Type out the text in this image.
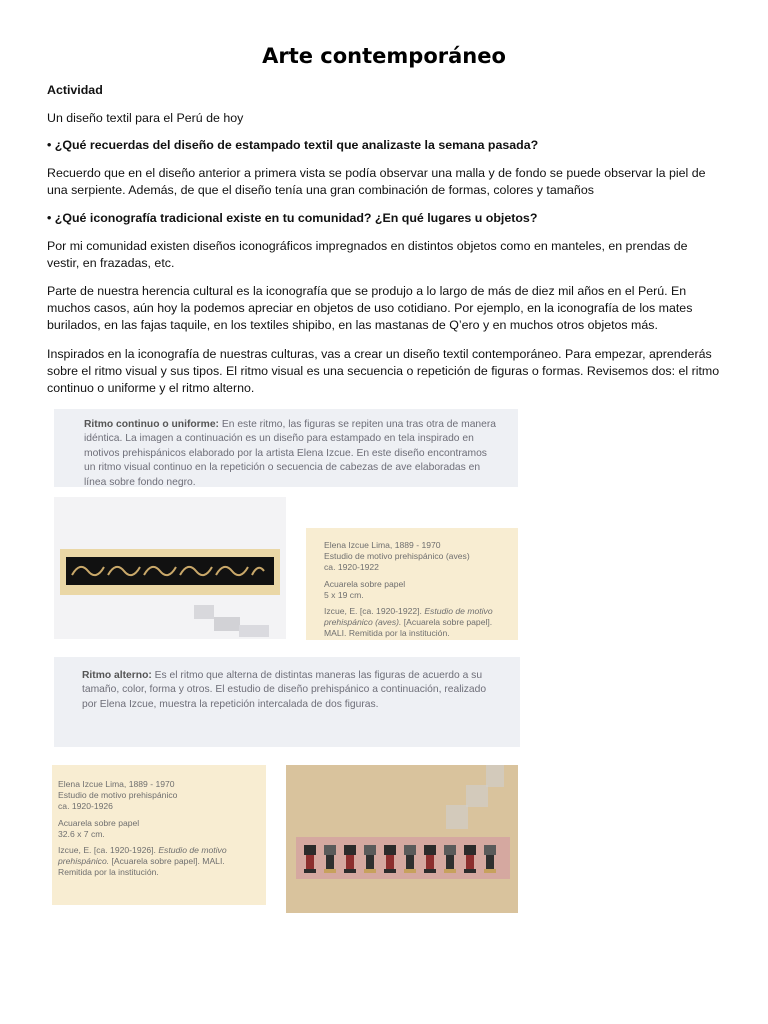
Arte contemporáneo
Actividad
Un diseño textil para el Perú de hoy
• ¿Qué recuerdas del diseño de estampado textil que analizaste la semana pasada?
Recuerdo que en el diseño anterior a primera vista se podía observar una malla y de fondo se puede observar la piel de una serpiente. Además, de que el diseño tenía una gran combinación de formas, colores y tamaños
• ¿Qué iconografía tradicional existe en tu comunidad? ¿En qué lugares u objetos?
Por mi comunidad existen diseños iconográficos impregnados en distintos objetos como en manteles, en prendas de vestir, en frazadas, etc.
Parte de nuestra herencia cultural es la iconografía que se produjo a lo largo de más de diez mil años en el Perú. En muchos casos, aún hoy la podemos apreciar en objetos de uso cotidiano. Por ejemplo, en la iconografía de los mates burilados, en las fajas taquile, en los textiles shipibo, en las mastanas de Q’ero y en muchos otros objetos más.
Inspirados en la iconografía de nuestras culturas, vas a crear un diseño textil contemporáneo. Para empezar, aprenderás sobre el ritmo visual y sus tipos. El ritmo visual es una secuencia o repetición de figuras o formas. Revisemos dos: el ritmo continuo o uniforme y el ritmo alterno.
Ritmo continuo o uniforme: En este ritmo, las figuras se repiten una tras otra de manera idéntica. La imagen a continuación es un diseño para estampado en tela inspirado en motivos prehispánicos elaborado por la artista Elena Izcue. En este diseño encontramos un ritmo visual continuo en la repetición o secuencia de cabezas de ave elaboradas en línea sobre fondo negro.

Elena Izcue Lima, 1889 - 1970

Estudio de motivo prehispánico (aves)

ca. 1920-1922

Acuarela sobre papel

5 x 19 cm.

Izcue, E. [ca. 1920-1922]. Estudio de motivo prehispánico (aves). [Acuarela sobre papel]. MALI. Remitida por la institución.

Ritmo alterno: Es el ritmo que alterna de distintas maneras las figuras de acuerdo a su tamaño, color, forma y otros. El estudio de diseño prehispánico a continuación, realizado por Elena Izcue, muestra la repetición intercalada de dos figuras.

Elena Izcue Lima, 1889 - 1970

Estudio de motivo prehispánico

ca. 1920-1926

Acuarela sobre papel

32.6 x 7 cm.

Izcue, E. [ca. 1920-1926]. Estudio de motivo prehispánico. [Acuarela sobre papel]. MALI. Remitida por la institución.
